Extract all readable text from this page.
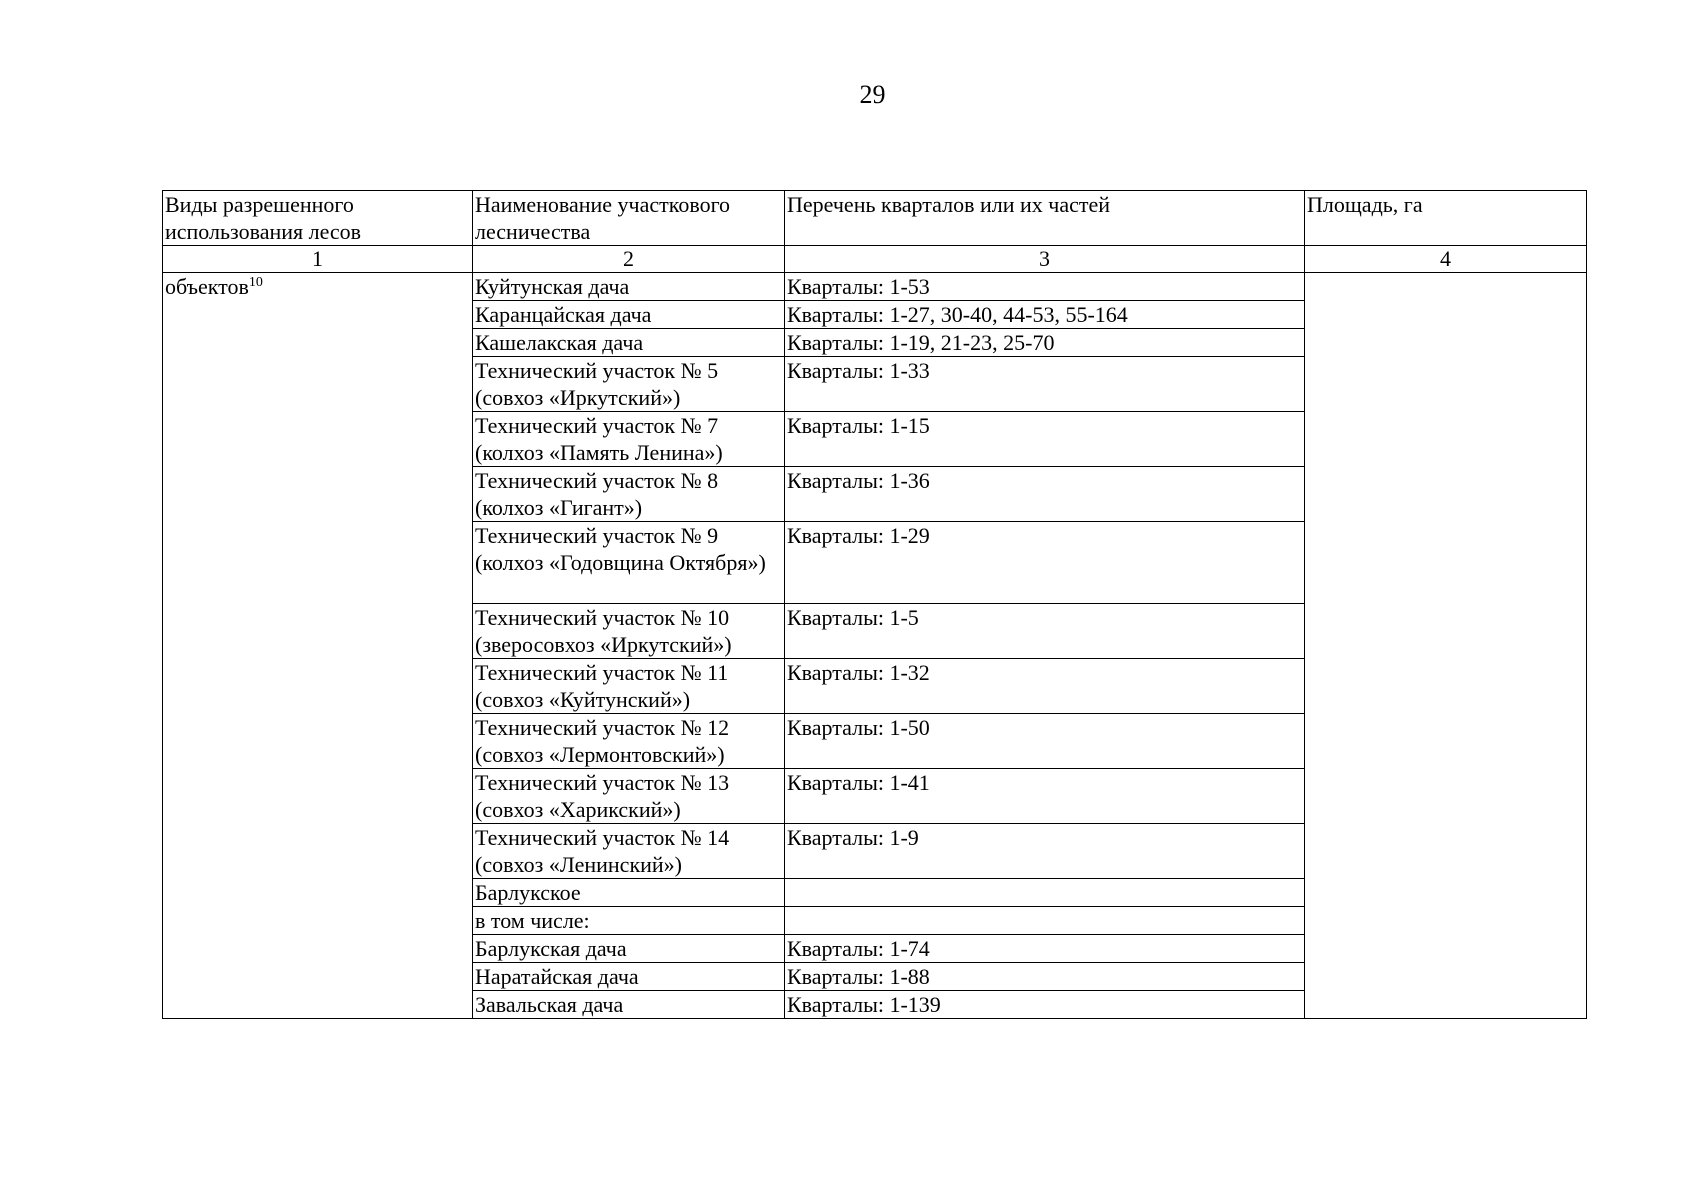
29
Виды разрешенного использования лесов	Наименование участкового лесничества	Перечень кварталов или их частей	Площадь, га
1	2	3	4
объектов$^{10}$	Куйтунская дача	Кварталы: 1-53	
	Каранцайская дача	Кварталы: 1-27, 30-40, 44-53, 55-164	
	Кашелакская дача	Кварталы: 1-19, 21-23, 25-70	
	Технический участок № 5 (совхоз «Иркутский»)	Кварталы: 1-33	
	Технический участок № 7 (колхоз «Память Ленина»)	Кварталы: 1-15	
	Технический участок № 8 (колхоз «Гигант»)	Кварталы: 1-36	
	Технический участок № 9 (колхоз «Годовщина Октября»)	Кварталы: 1-29	
	Технический участок № 10 (зверосовхоз «Иркутский»)	Кварталы: 1-5	
	Технический участок № 11 (совхоз «Куйтунский»)	Кварталы: 1-32	
	Технический участок № 12 (совхоз «Лермонтовский»)	Кварталы: 1-50	
	Технический участок № 13 (совхоз «Харикский»)	Кварталы: 1-41	
	Технический участок № 14 (совхоз «Ленинский»)	Кварталы: 1-9	
	Барлукское		
	в том числе:		
	Барлукская дача	Кварталы: 1-74	
	Наратайская дача	Кварталы: 1-88	
	Завальская дача	Кварталы: 1-139	
